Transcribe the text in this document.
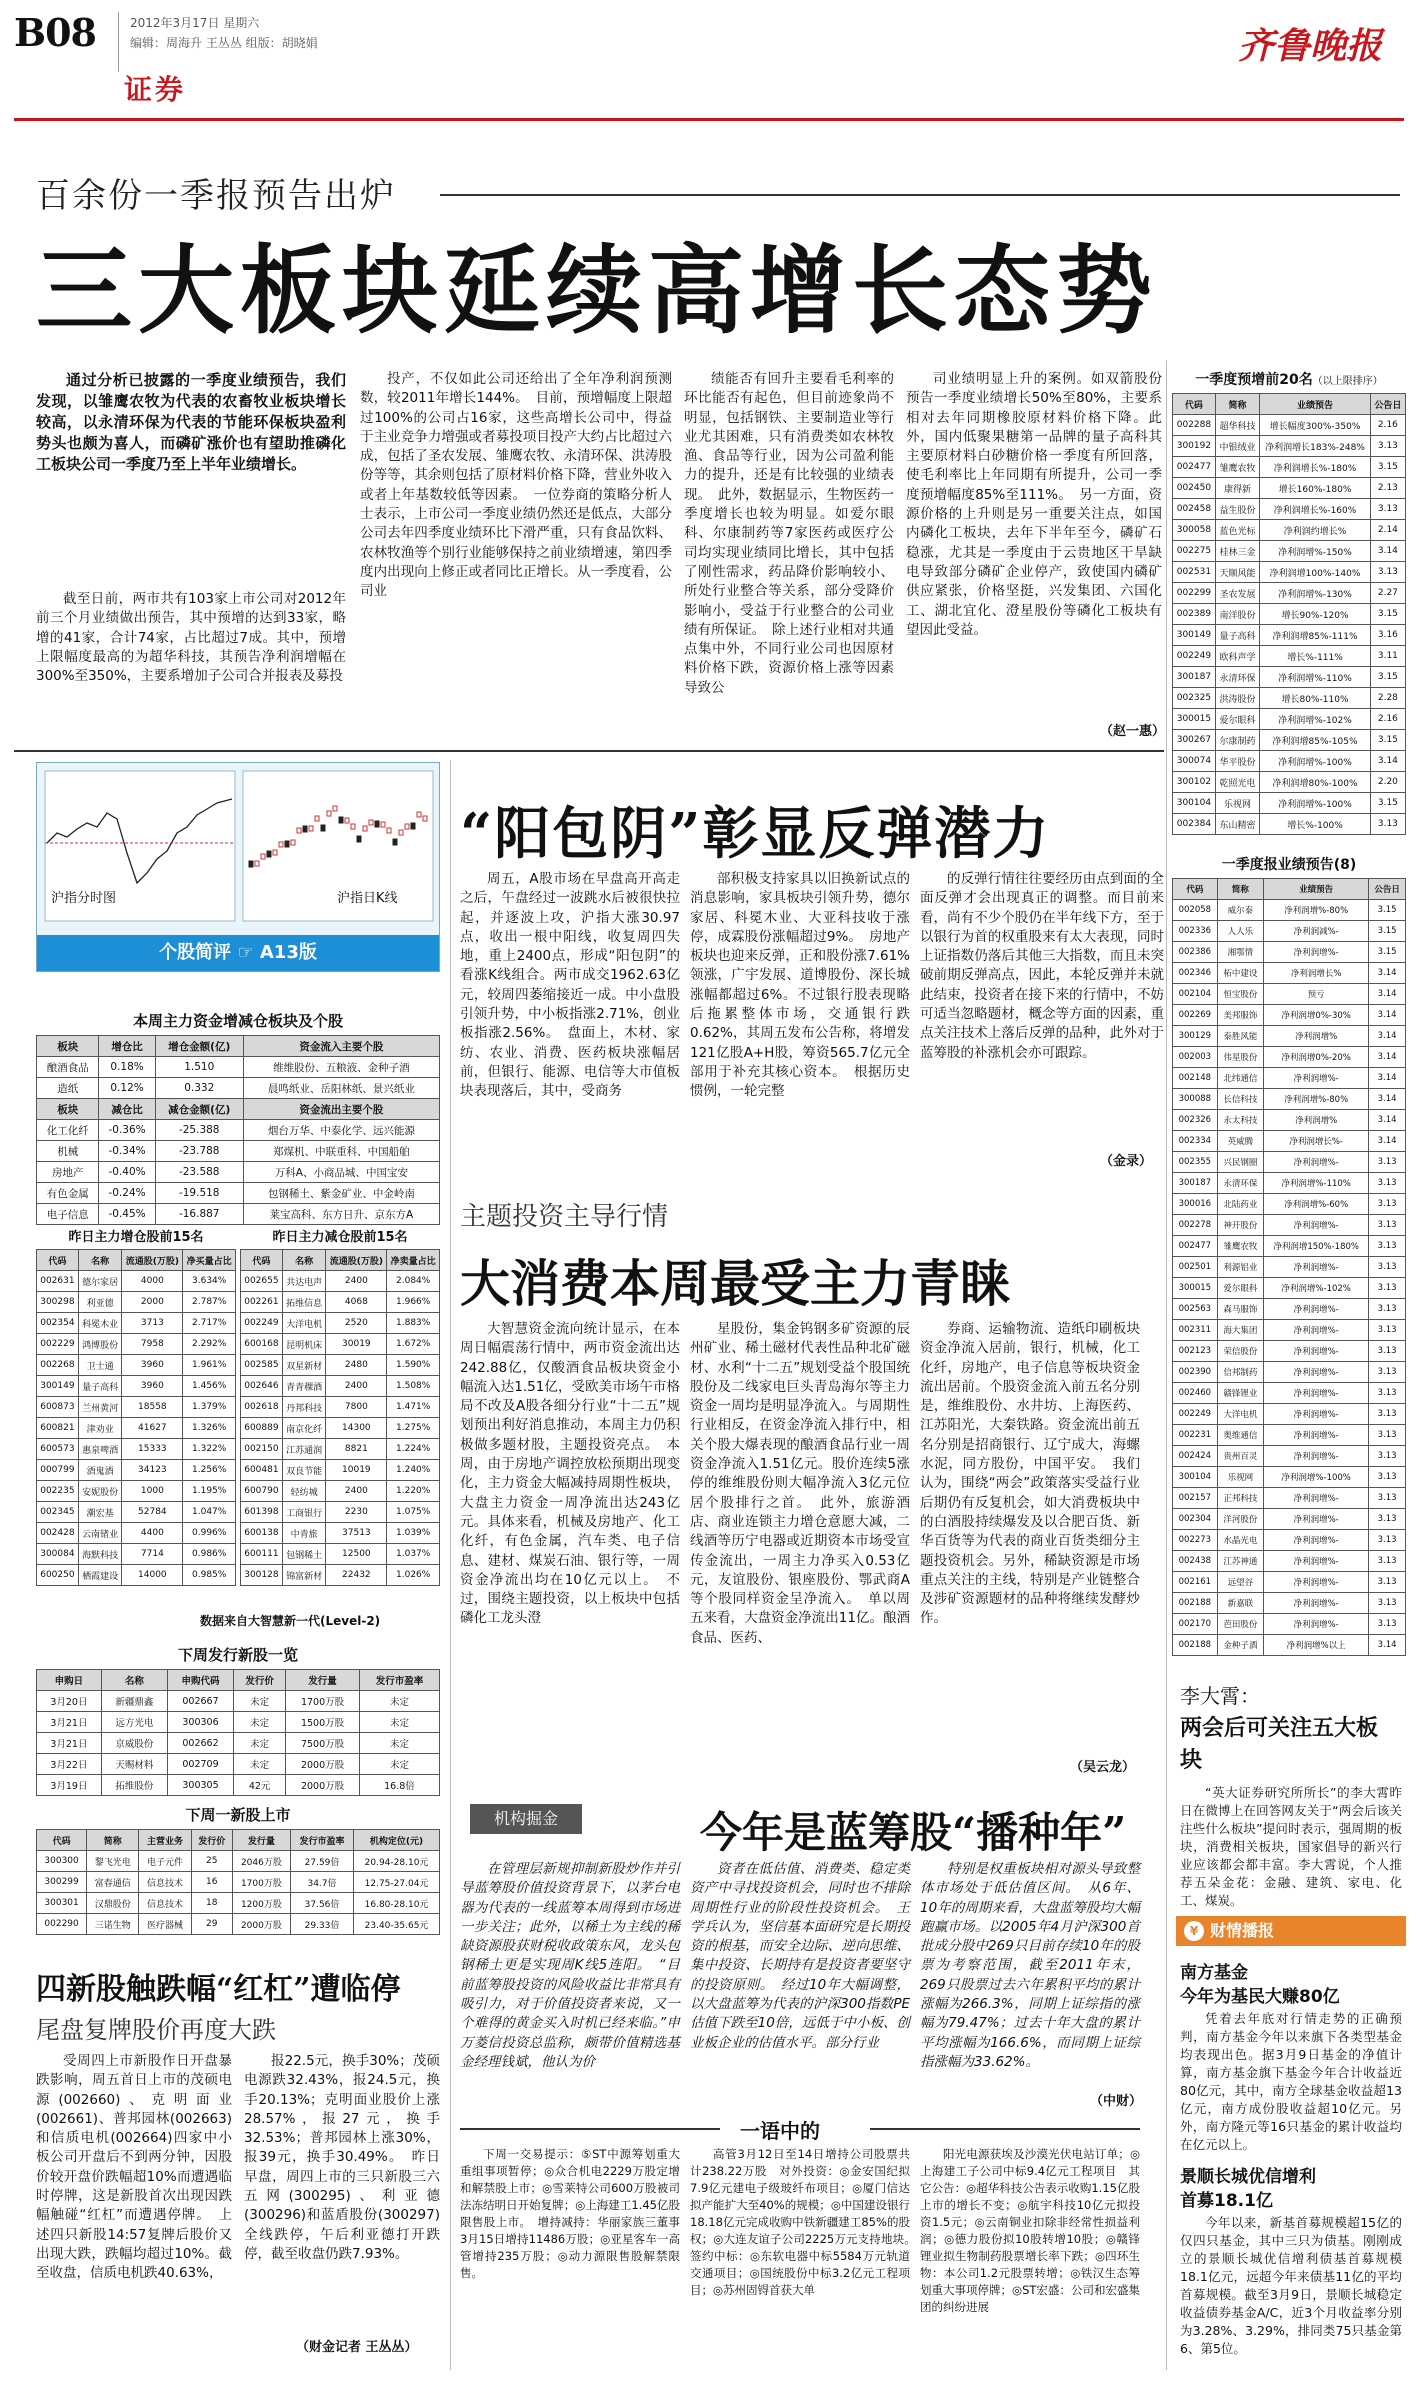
B08	2012年3月17日 星期六
编辑：周海升 王丛丛 组版：胡晓娟
证券
齐鲁晚报
百余份一季报预告出炉
三大板块延续高增长态势

通过分析已披露的一季度业绩预告，我们发现，以雏鹰农牧为代表的农畜牧业板块增长较高，以永清环保为代表的节能环保板块盈利势头也颇为喜人，而磷矿涨价也有望助推磷化工板块公司一季度乃至上半年业绩增长。

截至日前，两市共有103家上市公司对2012年前三个月业绩做出预告，其中预增的达到33家，略增的41家，合计74家，占比超过7成。其中，预增上限幅度最高的为超华科技，其预告净利润增幅在300%至350%，主要系增加子公司合并报表及募投

投产，不仅如此公司还给出了全年净利润预测数，较2011年增长144%。　目前，预增幅度上限超过100%的公司占16家，这些高增长公司中，得益于主业竞争力增强或者募投项目投产大约占比超过六成，包括了圣农发展、雏鹰农牧、永清环保、洪涛股份等等，其余则包括了原材料价格下降，营业外收入或者上年基数较低等因素。　一位券商的策略分析人士表示，上市公司一季度业绩仍然还是低点，大部分公司去年四季度业绩环比下滑严重，只有食品饮料、农林牧渔等个别行业能够保持之前业绩增速，第四季度内出现向上修正或者同比正增长。从一季度看，公司业

绩能否有回升主要看毛利率的环比能否有起色，但目前迹象尚不明显，包括钢铁、主要制造业等行业尤其困难，只有消费类如农林牧渔、食品等行业，因为公司盈利能力的提升，还是有比较强的业绩表现。　此外，数据显示，生物医药一季度增长也较为明显。如爱尔眼科、尔康制药等7家医药或医疗公司均实现业绩同比增长，其中包括了刚性需求，药品降价影响较小、所处行业整合等关系，部分受降价影响小，受益于行业整合的公司业绩有所保证。　除上述行业相对共通点集中外，不同行业公司也因原材料价格下跌，资源价格上涨等因素导致公

司业绩明显上升的案例。如双箭股份预告一季度业绩增长50%至80%，主要系相对去年同期橡胶原材料价格下降。此外，国内低聚果糖第一品牌的量子高科其主要原材料白砂糖价格一季度有所回落，使毛利率比上年同期有所提升，公司一季度预增幅度85%至111%。　另一方面，资源价格的上升则是另一重要关注点，如国内磷化工板块，去年下半年至今，磷矿石稳涨，尤其是一季度由于云贵地区干旱缺电导致部分磷矿企业停产，致使国内磷矿供应紧张，价格坚挺，兴发集团、六国化工、湖北宜化、澄星股份等磷化工板块有望因此受益。

（赵一惠）
一季度预增前20名（以上限排序）
代码	简称	业绩预告	公告日
002288	超华科技	增长幅度300%-350%	2.16
300192	中银绒业	净利润增长183%-248%	3.13
002477	雏鹰农牧	净利润增长%-180%	3.15
002450	康得新	增长160%-180%	2.13
002458	益生股份	净利润增长%-160%	3.13
300058	蓝色光标	净利润约增长%	2.14
002275	桂林三金	净利润增%-150%	3.14
002531	天顺风能	净利润增100%-140%	3.13
002299	圣农发展	净利润增%-130%	2.27
002389	南洋股份	增长90%-120%	3.15
300149	量子高科	净利润增85%-111%	3.16
002249	欧科声学	增长%-111%	3.11
300187	永清环保	净利润增%-110%	3.15
002325	洪涛股份	增长80%-110%	2.28
300015	爱尔眼科	净利润增%-102%	2.16
300267	尔康制药	净利润增85%-105%	3.15
300074	华平股份	净利润增%-100%	3.14
300102	乾照光电	净利润增80%-100%	2.20
300104	乐视网	净利润增%-100%	3.15
002384	东山精密	增长%-100%	3.13
沪指分时图	沪指日K线
个股简评 ☞ A13版
“阳包阴”彰显反弹潜力

周五，A股市场在早盘高开高走之后，午盘经过一波跳水后被很快拉起，并逐波上攻，沪指大涨30.97点，收出一根中阳线，收复周四失地，重上2400点，形成“阳包阴”的看涨K线组合。两市成交1962.63亿元，较周四萎缩接近一成。中小盘股引领升势，中小板指涨2.71%，创业板指涨2.56%。　盘面上，木材、家纺、农业、消费、医药板块涨幅居前，但银行、能源、电信等大市值板块表现落后，其中，受商务

部积极支持家具以旧换新试点的消息影响，家具板块引领升势，德尔家居、科冕木业、大亚科技收于涨停，成霖股份涨幅超过9%。　房地产板块也迎来反弹，正和股份涨7.61%领涨，广宇发展、道博股份、深长城涨幅都超过6%。不过银行股表现略后拖累整体市场，交通银行跌0.62%，其周五发布公告称，将增发121亿股A+H股，筹资565.7亿元全部用于补充其核心资本。　根据历史惯例，一轮完整

的反弹行情往往要经历由点到面的全面反弹才会出现真正的调整。而目前来看，尚有不少个股仍在半年线下方，至于以银行为首的权重股来有太大表现，同时上证指数仍落后其他三大指数，而且未突破前期反弹高点，因此，本轮反弹并未就此结束，投资者在接下来的行情中，不妨可适当忽略题材，概念等方面的因素，重点关注技术上落后反弹的品种，此外对于蓝筹股的补涨机会亦可跟踪。

（金录）
本周主力资金增减仓板块及个股
板块	增仓比	增仓金额(亿)	资金流入主要个股
酿酒食品	0.18%	1.510	维维股份、五粮液、金种子酒
造纸	0.12%	0.332	晨鸣纸业、岳阳林纸、景兴纸业
板块	减仓比	减仓金额(亿)	资金流出主要个股
化工化纤	-0.36%	-25.388	烟台万华、中泰化学、远兴能源
机械	-0.34%	-23.788	郑煤机、中联重科、中国船舶
房地产	-0.40%	-23.588	万科A、小商品城、中国宝安
有色金属	-0.24%	-19.518	包钢稀土、紫金矿业、中金岭南
电子信息	-0.45%	-16.887	莱宝高科、东方日升、京东方A
昨日主力增仓股前15名
代码	名称	流通股(万股)	净买量占比
002631	德尔家居	4000	3.634%
300298	利亚德	2000	2.787%
002354	科冕木业	3713	2.717%
002229	鸿博股份	7958	2.292%
002268	卫士通	3960	1.961%
300149	量子高科	3960	1.456%
600873	兰州黄河	18558	1.379%
600821	津劝业	41627	1.326%
600573	惠泉啤酒	15333	1.322%
000799	酒鬼酒	34123	1.256%
002235	安妮股份	1000	1.195%
002345	潮宏基	52784	1.047%
002428	云南锗业	4400	0.996%
300084	海默科技	7714	0.986%
600250	栖霞建设	14000	0.985%
昨日主力减仓股前15名
代码	名称	流通股(万股)	净卖量占比
002655	共达电声	2400	2.084%
002261	拓维信息	4068	1.966%
002249	大洋电机	2520	1.883%
600168	昆明机床	30019	1.672%
002585	双星新材	2480	1.590%
002646	青青稞酒	2400	1.508%
002618	丹邦科技	7800	1.471%
600889	南京化纤	14300	1.275%
002150	江苏通润	8821	1.224%
600481	双良节能	10019	1.240%
600790	轻纺城	2400	1.220%
601398	工商银行	2230	1.075%
600138	中青旅	37513	1.039%
600111	包钢稀土	12500	1.037%
300128	锦富新材	22432	1.026%
数据来自大智慧新一代(Level-2)
下周发行新股一览
申购日	名称	申购代码	发行价	发行量	发行市盈率
3月20日	新疆鼎鑫	002667	未定	1700万股	未定
3月21日	远方光电	300306	未定	1500万股	未定
3月21日	京威股份	002662	未定	7500万股	未定
3月22日	天赐材料	002709	未定	2000万股	未定
3月19日	拓维股份	300305	42元	2000万股	16.8倍
下周一新股上市
代码	简称	主营业务	发行价	发行量	发行市盈率	机构定位(元)
300300	黎飞光电	电子元件	25	2046万股	27.59倍	20.94-28.10元
300299	富春通信	信息技术	16	1700万股	34.7倍	12.75-27.04元
300301	汉鼎股份	信息技术	18	1200万股	37.56倍	16.80-28.10元
002290	三诺生物	医疗器械	29	2000万股	29.33倍	23.40-35.65元
四新股触跌幅“红杠”遭临停
尾盘复牌股价再度大跌

受周四上市新股作日开盘暴跌影响，周五首日上市的茂硕电源(002660)、克明面业(002661)、普邦园林(002663)和信质电机(002664)四家中小板公司开盘后不到两分钟，因股价较开盘价跌幅超10%而遭遇临时停牌，这是新股首次出现因跌幅触碰“红杠”而遭遇停牌。　上述四只新股14:57复牌后股价又出现大跌，跌幅均超过10%。截至收盘，信质电机跌40.63%，

报22.5元，换手30%；茂硕电源跌32.43%，报24.5元，换手20.13%；克明面业股价上涨28.57%，报27元，换手32.53%；普邦园林上涨30%，报39元，换手30.49%。　昨日早盘，周四上市的三只新股三六五网(300295)、利亚德(300296)和蓝盾股份(300297)全线跌停，午后利亚德打开跌停，截至收盘仍跌7.93%。

（财金记者 王丛丛）
主题投资主导行情
大消费本周最受主力青睐

大智慧资金流向统计显示，在本周日幅震荡行情中，两市资金流出达242.88亿，仅酸酒食品板块资金小幅流入达1.51亿，受欧美市场午市格局不改及A股各细分行业“十二五”规划预出利好消息推动，本周主力仍积极做多题材股，主题投资亮点。　本周，由于房地产调控放松预期出现变化，主力资金大幅减持周期性板块，大盘主力资金一周净流出达243亿元。具体来看，机械及房地产、化工化纤，有色金属，汽车类、电子信息、建材、煤炭石油、银行等，一周资金净流出均在10亿元以上。　不过，围绕主题投资，以上板块中包括磷化工龙头澄

星股份，集金钨钢多矿资源的辰州矿业、稀土磁材代表性品种北矿磁材、水利“十二五”规划受益个股国统股份及二线家电巨头青岛海尔等主力资金一周均是明显净流入。与周期性行业相反，在资金净流入排行中，相关个股大爆表现的酿酒食品行业一周资金净流入1.51亿元。股价连续5涨停的维维股份则大幅净流入3亿元位居个股排行之首。　此外，旅游酒店、商业连锁主力增仓意愿大减，二线酒等历宁电器或近期资本市场受宣传金流出，一周主力净买入0.53亿元，友谊股份、银座股份、鄂武商A等个股同样资金呈净流入。　单以周五来看，大盘资金净流出11亿。酿酒食品、医药、

券商、运输物流、造纸印刷板块资金净流入居前，银行，机械，化工化纤，房地产，电子信息等板块资金流出居前。个股资金流入前五名分别是，维维股份、水井坊、上海医药、江苏阳光，大秦铁路。资金流出前五名分别是招商银行、辽宁成大，海螺水泥，同方股份，中国平安。　我们认为，围绕“两会”政策落实受益行业后期仍有反复机会，如大消费板块中的白酒股持续爆发及以合肥百货、新华百货等为代表的商业百货类细分主题投资机会。另外，稀缺资源是市场重点关注的主线，特别是产业链整合及涉矿资源题材的品种将继续发酵炒作。

（吴云龙）
机构掘金	今年是蓝筹股“播种年”

在管理层新规抑制新股炒作并引导蓝筹股价值投资背景下，以茅台电器为代表的一线蓝筹本周得到市场进一步关注；此外，以稀土为主线的稀缺资源股获财税收政策东风，龙头包钢稀土更是实现周K线5连阳。　“目前蓝筹股投资的风险收益比非常具有吸引力，对于价值投资者来说，又一个难得的黄金买入时机已经来临。”申万菱信投资总监称，颇带价值精选基金经理钱斌，他认为价

资者在低估值、消费类、稳定类资产中寻找投资机会，同时也不排除周期性行业的阶段性投资机会。　王学兵认为，坚信基本面研究是长期投资的根基，而安全边际、逆向思维、集中投资、长期持有是投资者要坚守的投资原则。　经过10年大幅调整，以大盘蓝筹为代表的沪深300指数PE估值下跌至10倍，远低于中小板、创业板企业的估值水平。部分行业

特别是权重板块相对源头导致整体市场处于低估值区间。　从6年、10年的周期来看，大盘蓝筹股均大幅跑赢市场。以2005年4月沪深300首批成分股中269只目前存续10年的股票为考察范围，截至2011年末，269只股票过去六年累积平均的累计涨幅为266.3%，同期上证综指的涨幅为79.47%；过去十年大盘的累计平均涨幅为166.6%，而同期上证综指涨幅为33.62%。

（中财）
一语中的

下周一交易提示：⑤ST中源筹划重大重组事项暂停；◎众合机电2229万股定增和解禁股上市；◎雪莱特公司600万股被司法冻结明日开始复牌；◎上海建工1.45亿股限售股上市。　增持减持：华丽家族三董事3月15日增持11486万股；◎亚星客车一高管增持235万股；◎动力源限售股解禁限售。

高管3月12日至14日增持公司股票共计238.22万股　对外投资：◎金安国纪拟7.9亿元建电子级玻纤布项目；◎厦门信达拟产能扩大至40%的规模；◎中国建设银行18.18亿元完成收购中铁新疆建工85%的股权；◎大连友谊子公司2225万元支持地块。　签约中标：◎东软电器中标5584万元轨道交通项目；◎国统股份中标3.2亿元工程项目；◎苏州固锝首获大单

阳光电源获埃及沙漠光伏电站订单；◎上海建工子公司中标9.4亿元工程项目　其它公告：◎超华科技公告表示收购1.15亿股上市的增长不变；◎航宇科技10亿元拟投资1.5元；◎云南铜业扣除非经常性损益利润；◎德力股份拟10股转增10股；◎赣锋锂业拟生物制药股票增长率下跌；◎四环生物：本公司1.2元股票转增；◎铁汉生态筹划重大事项停牌；◎ST宏盛：公司和宏盛集团的纠纷进展

一季度报业绩预告(8)
代码	简称	业绩预告	公告日
002058	威尔泰	净利润增%-80%	3.15
002336	人人乐	净利润减%-	3.15
002386	湘鄂情	净利润增%-	3.15
002346	柘中建设	净利润增长%	3.14
002104	恒宝股份	预亏	3.14
002269	美邦服饰	净利润增0%-30%	3.14
300129	泰胜风能	净利润增%	3.14
002003	伟星股份	净利润增0%-20%	3.14
002148	北纬通信	净利润增%-	3.14
300088	长信科技	净利润增%-80%	3.14
002326	永太科技	净利润增%	3.14
002334	英威腾	净利润增长%-	3.14
002355	兴民钢圈	净利润增%-	3.13
300187	永清环保	净利润增%-110%	3.13
300016	北陆药业	净利润增%-60%	3.13
002278	神开股份	净利润增%-	3.13
002477	雏鹰农牧	净利润增150%-180%	3.13
002501	利源铝业	净利润增%-	3.13
300015	爱尔眼科	净利润增%-102%	3.13
002563	森马服饰	净利润增%-	3.13
002311	海大集团	净利润增%-	3.13
002123	荣信股份	净利润增%-	3.13
002390	信邦制药	净利润增%-	3.13
002460	赣锋锂业	净利润增%-	3.13
002249	大洋电机	净利润增%-	3.13
002231	奥维通信	净利润增%-	3.13
002424	贵州百灵	净利润增%-	3.13
300104	乐视网	净利润增%-100%	3.13
002157	正邦科技	净利润增%-	3.13
002304	洋河股份	净利润增%-	3.13
002273	水晶光电	净利润增%-	3.13
002438	江苏神通	净利润增%-	3.13
002161	远望谷	净利润增%-	3.13
002188	新嘉联	净利润增%-	3.13
002170	芭田股份	净利润增%-	3.13
002188	金种子酒	净利润增%以上	3.14
李大霄：
两会后可关注五大板块

“英大证券研究所所长”的李大霄昨日在微博上在回答网友关于“两会后该关注些什么板块”提问时表示，强周期的板块，消费相关板块，国家倡导的新兴行业应该都会都丰富。李大霄说，个人推荐五朵金花：金融、建筑、家电、化工、煤炭。

¥ 财情播报
南方基金
今年为基民大赚80亿

凭着去年底对行情走势的正确预判，南方基金今年以来旗下各类型基金均表现出色。据3月9日基金的净值计算，南方基金旗下基金今年合计收益近80亿元，其中，南方全球基金收益超13亿元，南方成份股收益超10亿元。另外，南方隆元等16只基金的累计收益均在亿元以上。

景顺长城优信增利
首募18.1亿

今年以来，新基首募规模超15亿的仅四只基金，其中三只为债基。刚刚成立的景顺长城优信增利债基首募规模18.1亿元，远超今年来债基11亿的平均首募规模。截至3月9日，景顺长城稳定收益债券基金A/C，近3个月收益率分别为3.28%、3.29%，排同类75只基金第6、第5位。
